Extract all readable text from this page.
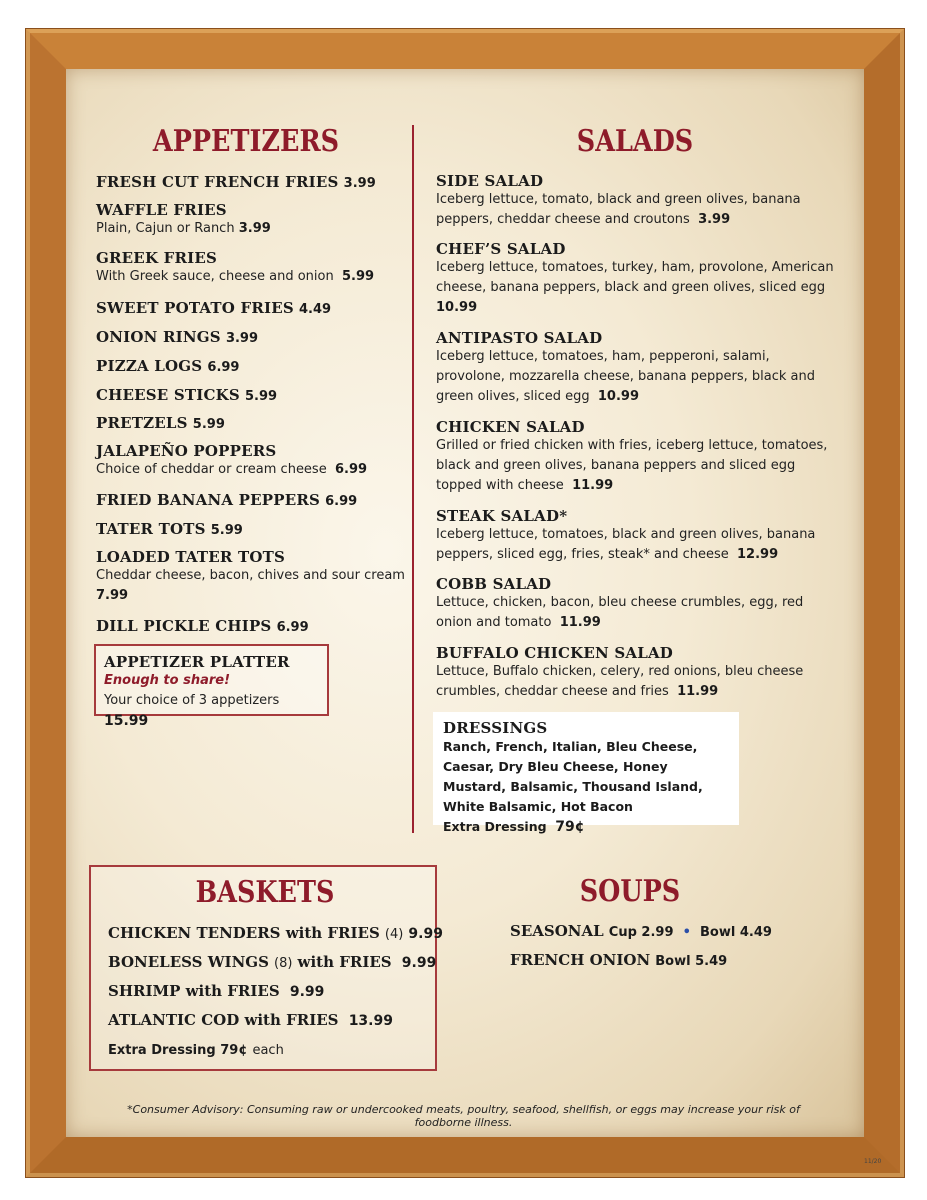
APPETIZERS
FRESH CUT FRENCH FRIES 3.99
WAFFLE FRIES
Plain, Cajun or Ranch 3.99
GREEK FRIES
With Greek sauce, cheese and onion 5.99
SWEET POTATO FRIES 4.49
ONION RINGS 3.99
PIZZA LOGS 6.99
CHEESE STICKS 5.99
PRETZELS 5.99
JALAPEÑO POPPERS
Choice of cheddar or cream cheese 6.99
FRIED BANANA PEPPERS 6.99
TATER TOTS 5.99
LOADED TATER TOTS
Cheddar cheese, bacon, chives and sour cream
7.99
DILL PICKLE CHIPS 6.99
APPETIZER PLATTER
Enough to share!
Your choice of 3 appetizers  15.99
SALADS
SIDE SALAD
Iceberg lettuce, tomato, black and green olives, banana peppers, cheddar cheese and croutons 3.99
CHEF’S SALAD
Iceberg lettuce, tomatoes, turkey, ham, provolone, American cheese, banana peppers, black and green olives, sliced egg
10.99
ANTIPASTO SALAD
Iceberg lettuce, tomatoes, ham, pepperoni, salami, provolone, mozzarella cheese, banana peppers, black and green olives, sliced egg 10.99
CHICKEN SALAD
Grilled or fried chicken with fries, iceberg lettuce, tomatoes, black and green olives, banana peppers and sliced egg topped with cheese 11.99
STEAK SALAD*
Iceberg lettuce, tomatoes, black and green olives, banana peppers, sliced egg, fries, steak* and cheese 12.99
COBB SALAD
Lettuce, chicken, bacon, bleu cheese crumbles, egg, red onion and tomato 11.99
BUFFALO CHICKEN SALAD
Lettuce, Buffalo chicken, celery, red onions, bleu cheese crumbles, cheddar cheese and fries 11.99
DRESSINGS
Ranch, French, Italian, Bleu Cheese, Caesar, Dry Bleu Cheese, Honey Mustard, Balsamic, Thousand Island, White Balsamic, Hot Bacon
Extra Dressing 79¢
BASKETS
CHICKEN TENDERS with FRIES (4) 9.99
BONELESS WINGS (8) with FRIES 9.99
SHRIMP with FRIES 9.99
ATLANTIC COD with FRIES 13.99
Extra Dressing 79¢ each
SOUPS
SEASONAL Cup 2.99 • Bowl 4.49
FRENCH ONION Bowl 5.49
*Consumer Advisory: Consuming raw or undercooked meats, poultry, seafood, shellfish, or eggs may increase your risk of foodborne illness.
11/20
